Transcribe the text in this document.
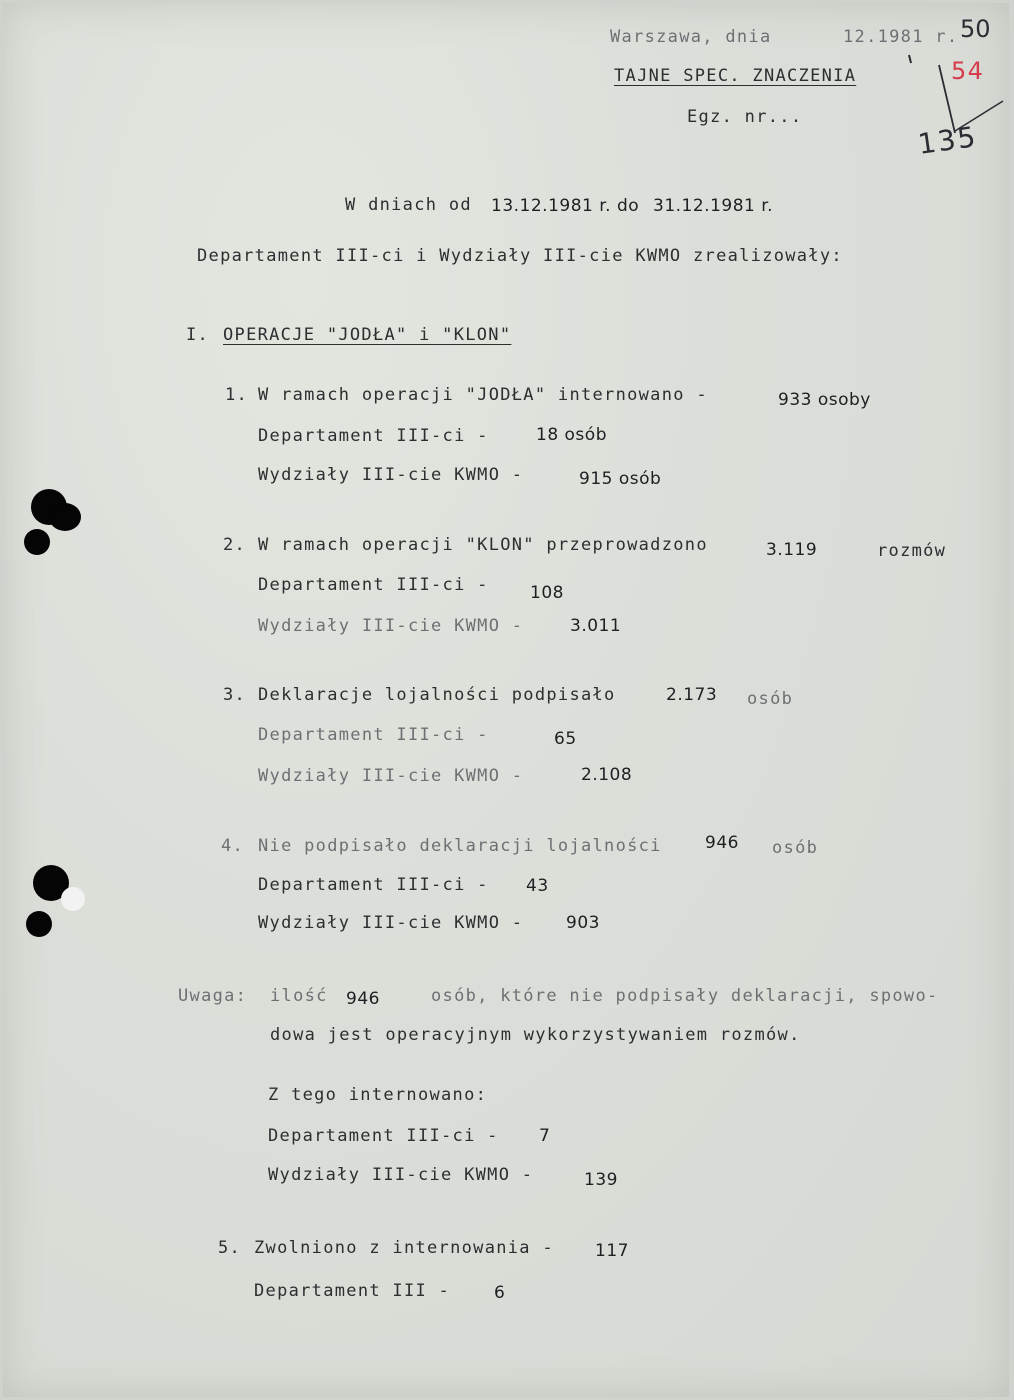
Warszawa, dnia	12.1981 r. 50
TAJNE SPEC. ZNACZENIA
Egz. nr...
54
135
W dniach od 13.12.1981 r. do 31.12.1981 r.
Departament III-ci i Wydziały III-cie KWMO zrealizowały:
I. OPERACJE "JODŁA" i "KLON"
1. W ramach operacji "JODŁA" internowano -	933 osoby
Departament III-ci -	18 osób
Wydziały III-cie KWMO -	915 osób
2. W ramach operacji "KLON" przeprowadzono	3.119	rozmów
Departament III-ci - 108
Wydziały III-cie KWMO -	3.011
3. Deklaracje lojalności podpisało	2.173 osób
Departament III-ci -	65
Wydziały III-cie KWMO -	2.108
4. Nie podpisało deklaracji lojalności	946 osób
Departament III-ci - 43
Wydziały III-cie KWMO -	903
Uwaga: ilość 946	osób, które nie podpisały deklaracji, spowo-
dowa jest operacyjnym wykorzystywaniem rozmów.
Z tego internowano:
Departament III-ci - 7
Wydziały III-cie KWMO -	139
5. Zwolniono z internowania - 117
Departament III -	6
